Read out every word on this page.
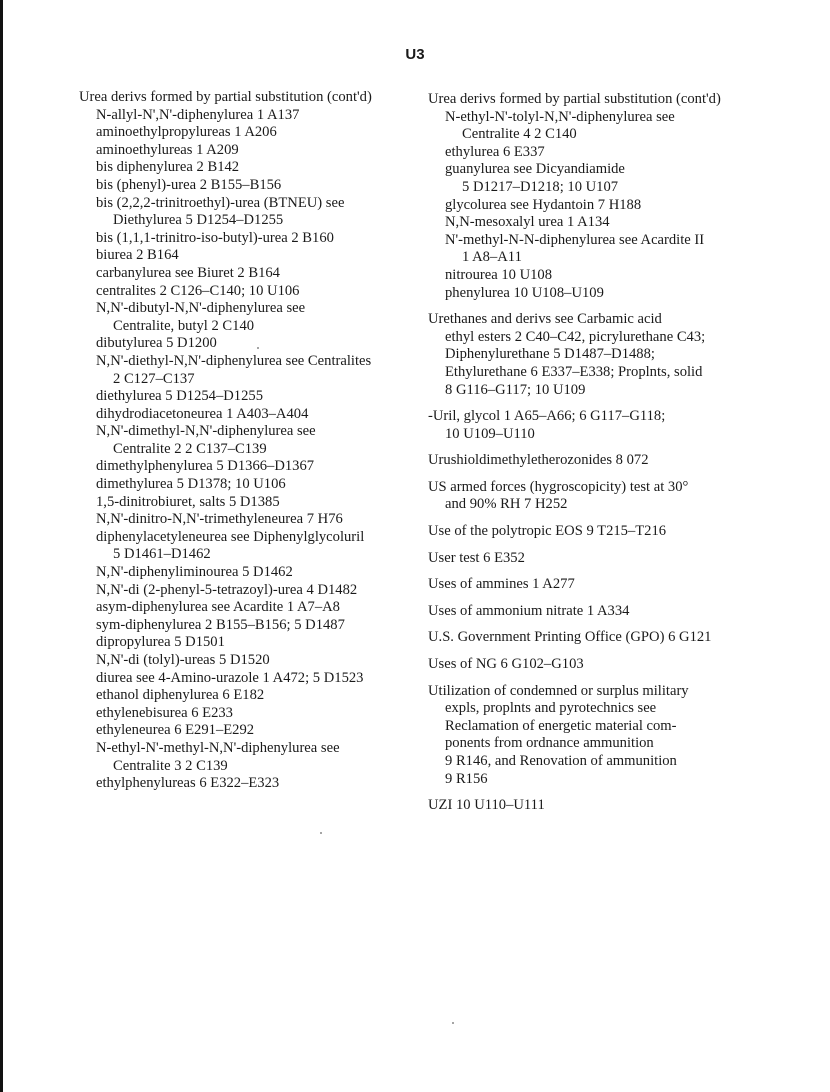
U3

Urea derivs formed by partial substitution (cont'd)

N-allyl-N',N'-diphenylurea 1 A137

aminoethylpropylureas 1 A206

aminoethylureas 1 A209

bis diphenylurea 2 B142

bis (phenyl)-urea 2 B155–B156

bis (2,2,2-trinitroethyl)-urea (BTNEU) see
Diethylurea 5 D1254–D1255

bis (1,1,1-trinitro-iso-butyl)-urea 2 B160

biurea 2 B164

carbanylurea see Biuret 2 B164

centralites 2 C126–C140; 10 U106

N,N'-dibutyl-N,N'-diphenylurea see
Centralite, butyl 2 C140

dibutylurea 5 D1200

N,N'-diethyl-N,N'-diphenylurea see Centralites
2 C127–C137

diethylurea 5 D1254–D1255

dihydrodiacetoneurea 1 A403–A404

N,N'-dimethyl-N,N'-diphenylurea see
Centralite 2 2 C137–C139

dimethylphenylurea 5 D1366–D1367

dimethylurea 5 D1378; 10 U106

1,5-dinitrobiuret, salts 5 D1385

N,N'-dinitro-N,N'-trimethyleneurea 7 H76

diphenylacetyleneurea see Diphenylglycoluril
5 D1461–D1462

N,N'-diphenyliminourea 5 D1462

N,N'-di (2-phenyl-5-tetrazoyl)-urea 4 D1482

asym-diphenylurea see Acardite 1 A7–A8

sym-diphenylurea 2 B155–B156; 5 D1487

dipropylurea 5 D1501

N,N'-di (tolyl)-ureas 5 D1520

diurea see 4-Amino-urazole 1 A472; 5 D1523

ethanol diphenylurea 6 E182

ethylenebisurea 6 E233

ethyleneurea 6 E291–E292

N-ethyl-N'-methyl-N,N'-diphenylurea see
Centralite 3 2 C139

ethylphenylureas 6 E322–E323

Urea derivs formed by partial substitution (cont'd)

N-ethyl-N'-tolyl-N,N'-diphenylurea see
Centralite 4 2 C140

ethylurea 6 E337

guanylurea see Dicyandiamide
5 D1217–D1218; 10 U107

glycolurea see Hydantoin 7 H188

N,N-mesoxalyl urea 1 A134

N'-methyl-N-N-diphenylurea see Acardite II
1 A8–A11

nitrourea 10 U108

phenylurea 10 U108–U109

Urethanes and derivs see Carbamic acid

ethyl esters 2 C40–C42, picrylurethane C43;

Diphenylurethane 5 D1487–D1488;

Ethylurethane 6 E337–E338; Proplnts, solid

8 G116–G117; 10 U109

-Uril, glycol 1 A65–A66; 6 G117–G118;
10 U109–U110

Urushioldimethyletherozonides 8 072

US armed forces (hygroscopicity) test at 30°
and 90% RH 7 H252

Use of the polytropic EOS 9 T215–T216

User test 6 E352

Uses of ammines 1 A277

Uses of ammonium nitrate 1 A334

U.S. Government Printing Office (GPO) 6 G121

Uses of NG 6 G102–G103

Utilization of condemned or surplus military
expls, proplnts and pyrotechnics see
Reclamation of energetic material com-
ponents from ordnance ammunition
9 R146, and Renovation of ammunition
9 R156

UZI 10 U110–U111
